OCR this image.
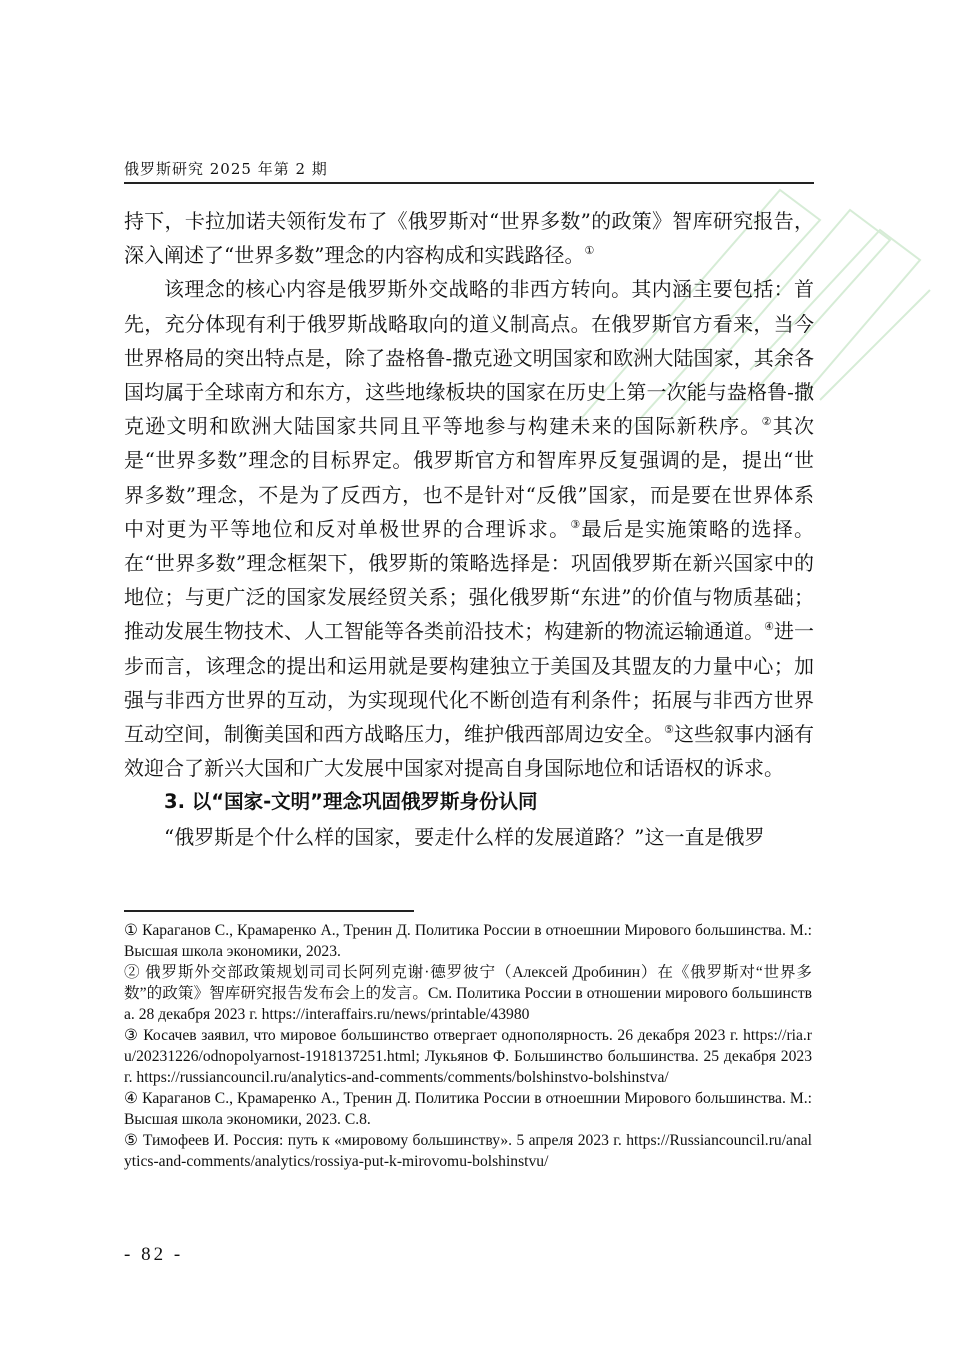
俄罗斯研究 2025 年第 2 期

持下，卡拉加诺夫领衔发布了《俄罗斯对“世界多数”的政策》智库研究报告，深入阐述了“世界多数”理念的内容构成和实践路径。①

该理念的核心内容是俄罗斯外交战略的非西方转向。其内涵主要包括：首先，充分体现有利于俄罗斯战略取向的道义制高点。在俄罗斯官方看来，当今世界格局的突出特点是，除了盎格鲁-撒克逊文明国家和欧洲大陆国家，其余各国均属于全球南方和东方，这些地缘板块的国家在历史上第一次能与盎格鲁-撒克逊文明和欧洲大陆国家共同且平等地参与构建未来的国际新秩序。②其次是“世界多数”理念的目标界定。俄罗斯官方和智库界反复强调的是，提出“世界多数”理念，不是为了反西方，也不是针对“反俄”国家，而是要在世界体系中对更为平等地位和反对单极世界的合理诉求。③最后是实施策略的选择。在“世界多数”理念框架下，俄罗斯的策略选择是：巩固俄罗斯在新兴国家中的地位；与更广泛的国家发展经贸关系；强化俄罗斯“东进”的价值与物质基础；推动发展生物技术、人工智能等各类前沿技术；构建新的物流运输通道。④进一步而言，该理念的提出和运用就是要构建独立于美国及其盟友的力量中心；加强与非西方世界的互动，为实现现代化不断创造有利条件；拓展与非西方世界互动空间，制衡美国和西方战略压力，维护俄西部周边安全。⑤这些叙事内涵有效迎合了新兴大国和广大发展中国家对提高自身国际地位和话语权的诉求。

3. 以“国家-文明”理念巩固俄罗斯身份认同

“俄罗斯是个什么样的国家，要走什么样的发展道路？”这一直是俄罗

① Караганов С., Крамаренко А., Тренин Д. Политика России в отноешнии Мирового большинства. М.: Высшая школа экономики, 2023.

② 俄罗斯外交部政策规划司司长阿列克谢·德罗彼宁（Алексей Дробинин）在《俄罗斯对“世界多数”的政策》智库研究报告发布会上的发言。См. Политика России в отношении мирового большинства. 28 декабря 2023 г. https://interaffairs.ru/news/printable/43980

③ Косачев заявил, что мировое большинство отвергает однополярность. 26 декабря 2023 г. https://ria.ru/20231226/odnopolyarnost-1918137251.html; Лукьянов Ф. Большинство большинства. 25 декабря 2023 г. https://russiancouncil.ru/analytics-and-comments/comments/bolshinstvo-bolshinstva/

④ Караганов С., Крамаренко А., Тренин Д. Политика России в отноешнии Мирового большинства. М.: Высшая школа экономики, 2023. С.8.

⑤ Тимофеев И. Россия: путь к «мировому большинству». 5 апреля 2023 г. https://Russiancouncil.ru/analytics-and-comments/analytics/rossiya-put-k-mirovomu-bolshinstvu/

- 82 -
